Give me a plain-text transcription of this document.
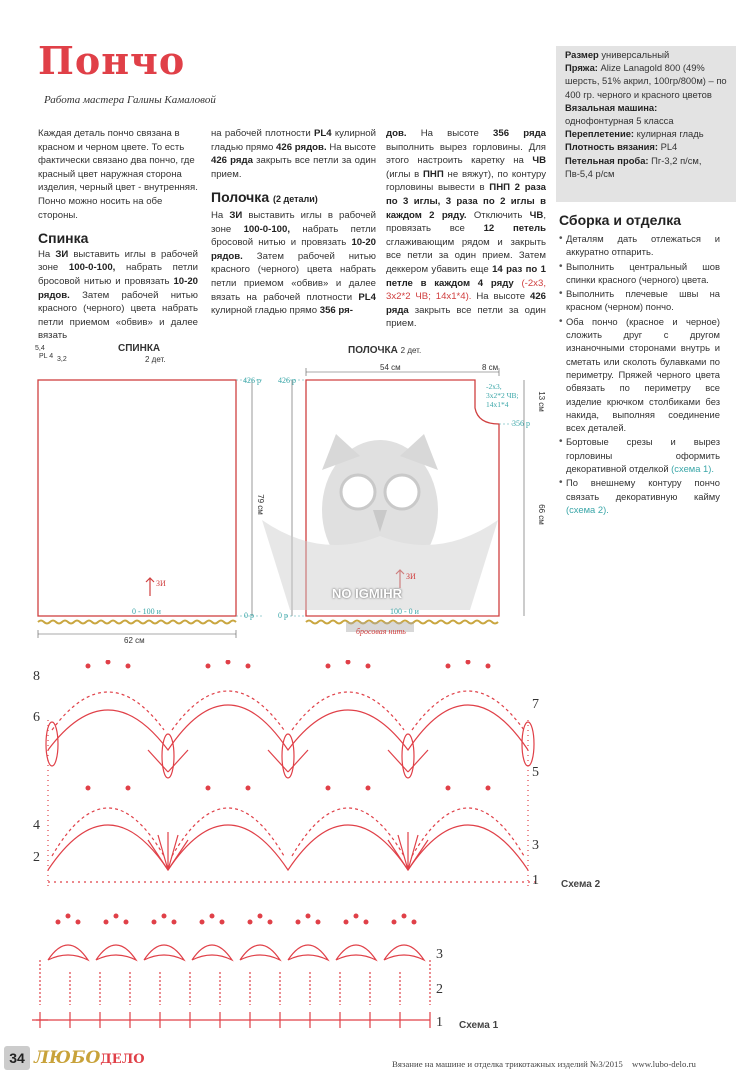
Пончо
Работа мастера Галины Камаловой

Каждая деталь пончо связана в красном и черном цвете. То есть фактически связано два пончо, где красный цвет наружная сторона изделия, черный цвет - внутренняя. Пончо можно носить на обе стороны.

Спинка

На ЗИ выставить иглы в рабочей зоне 100-0-100, набрать петли бросовой нитью и провязать 10-20 рядов. Затем рабочей нитью красного (черного) цвета набрать петли приемом «обвив» и далее вязать

на рабочей плотности PL4 кулирной гладью прямо 426 рядов. На высоте 426 ряда закрыть все петли за один прием.

Полочка (2 детали)

На ЗИ выставить иглы в рабочей зоне 100-0-100, набрать петли бросовой нитью и провязать 10-20 рядов. Затем рабочей нитью красного (черного) цвета набрать петли приемом «обвив» и далее вязать на рабочей плотности PL4 кулирной гладью прямо 356 ря-

дов. На высоте 356 ряда выполнить вырез горловины. Для этого настроить каретку на ЧВ (иглы в ПНП не вяжут), по контуру горловины вывести в ПНП 2 раза по 3 иглы, 3 раза по 2 иглы в каждом 2 ряду. Отключить ЧВ, провязать все 12 петель сглаживающим рядом и закрыть все петли за один прием. Затем деккером убавить еще 14 раз по 1 петле в каждом 4 ряду (-2х3, 3х2*2 ЧВ; 14х1*4). На высоте 426 ряда закрыть все петли за один прием.

Размер универсальный
Пряжа: Alize Lanagold 800 (49% шерсть, 51% акрил, 100гр/800м) – по 400 гр. черного и красного цветов
Вязальная машина: однофонтурная 5 класса
Переплетение: кулирная гладь
Плотность вязания: PL4
Петельная проба: Пг-3,2 п/см, Пв-5,4 р/см
Сборка и отделка
• Деталям дать отлежаться и аккуратно отпарить.
• Выполнить центральный шов спинки красного (черного) цвета.
• Выполнить плечевые швы на красном (черном) пончо.
• Оба пончо (красное и черное) сложить друг с другом изнаночными сторонами внутрь и сметать или сколоть булавками по периметру. Пряжей черного цвета обвязать по периметру все изделие крючком столбиками без накида, выполняя соединение всех деталей.
• Бортовые срезы и вырез горловины оформить декоративной отделкой (схема 1).
• По внешнему контуру пончо связать декоративную кайму (схема 2).
5,4
PL 4 3,2
СПИНКА
2 дет.
ПОЛОЧКА 2 дет.
426 р 426 р
356 р
0 р	0 р
0 - 100 и	100 - 0 и
ЗИ
ЗИ
62 см
54 см	8 см
13 см
79 см	66 см
-2х3,
3х2*2 ЧВ;
14х1*4
бросовая нить
NO IGMIHR
8
6
4
2
7
5
3
1 Схема 2
3
2
1 Схема 1
34 ЛЮБОДЕЛО	Вязание на машине и отделка трикотажных изделий №3/2015 www.lubo-delo.ru
